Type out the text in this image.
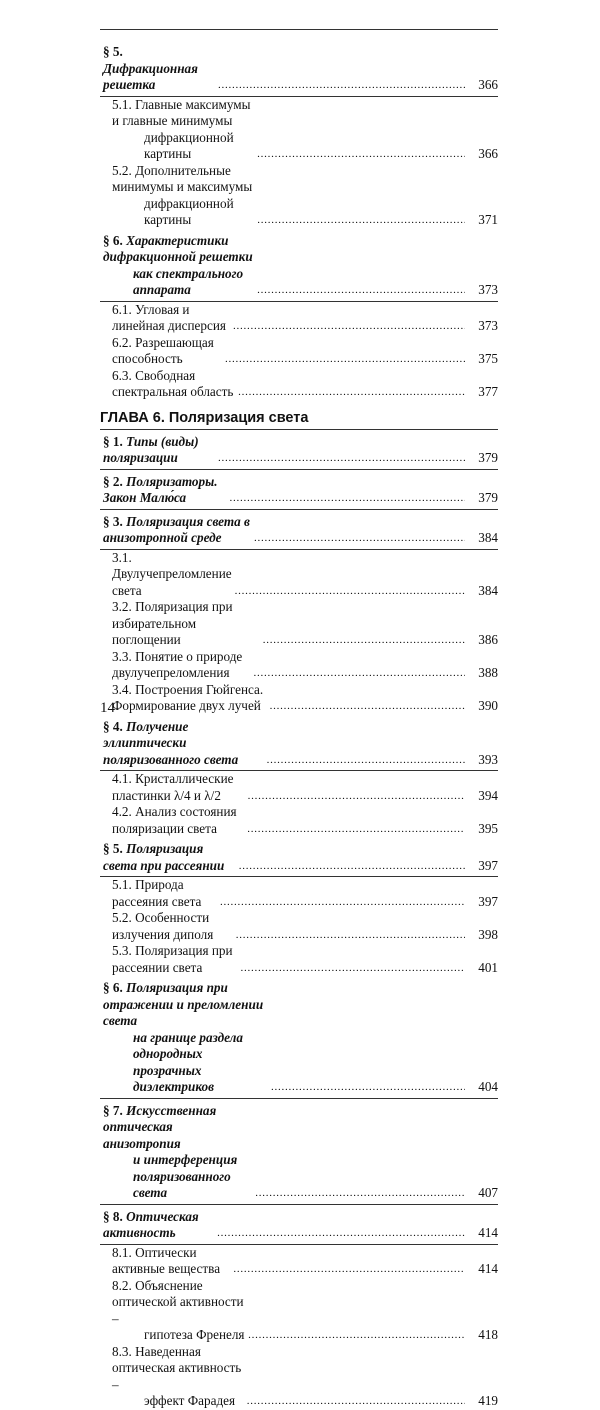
§ 5. Дифракционная решетка . . .	366
5.1. Главные максимумы и главные минимумы
дифракционной картины . . .	366
5.2. Дополнительные минимумы и максимумы
дифракционной картины . . .	371
§ 6. Характеристики дифракционной решетки
как спектрального аппарата . . .	373
6.1. Угловая и линейная дисперсия . . .	373
6.2. Разрешающая способность . . .	375
6.3. Свободная спектральная область . . .	377
ГЛАВА 6. Поляризация света
§ 1. Типы (виды) поляризации . . .	379
§ 2. Поляризаторы. Закон Малю́са . . .	379
§ 3. Поляризация света в анизотропной среде . . .	384
3.1. Двулучепреломление света . . .	384
3.2. Поляризация при избирательном поглощении . . .	386
3.3. Понятие о природе двулучепреломления . . .	388
3.4. Построения Гюйгенса. Формирование двух лучей . . .	390
§ 4. Получение эллиптически поляризованного света . . .	393
4.1. Кристаллические пластинки λ/4 и λ/2 . . .	394
4.2. Анализ состояния поляризации света . . .	395
§ 5. Поляризация света при рассеянии . . .	397
5.1. Природа рассеяния света . . .	397
5.2. Особенности излучения диполя . . .	398
5.3. Поляризация при рассеянии света . . .	401
§ 6. Поляризация при отражении и преломлении света
на границе раздела однородных
прозрачных диэлектриков . . .	404
§ 7. Искусственная оптическая анизотропия
и интерференция поляризованного света . . .	407
§ 8. Оптическая активность . . .	414
8.1. Оптически активные вещества . . .	414
8.2. Объяснение оптической активности –
гипотеза Френеля . . .	418
8.3. Наведенная оптическая активность –
эффект Фарадея . . .	419
14
